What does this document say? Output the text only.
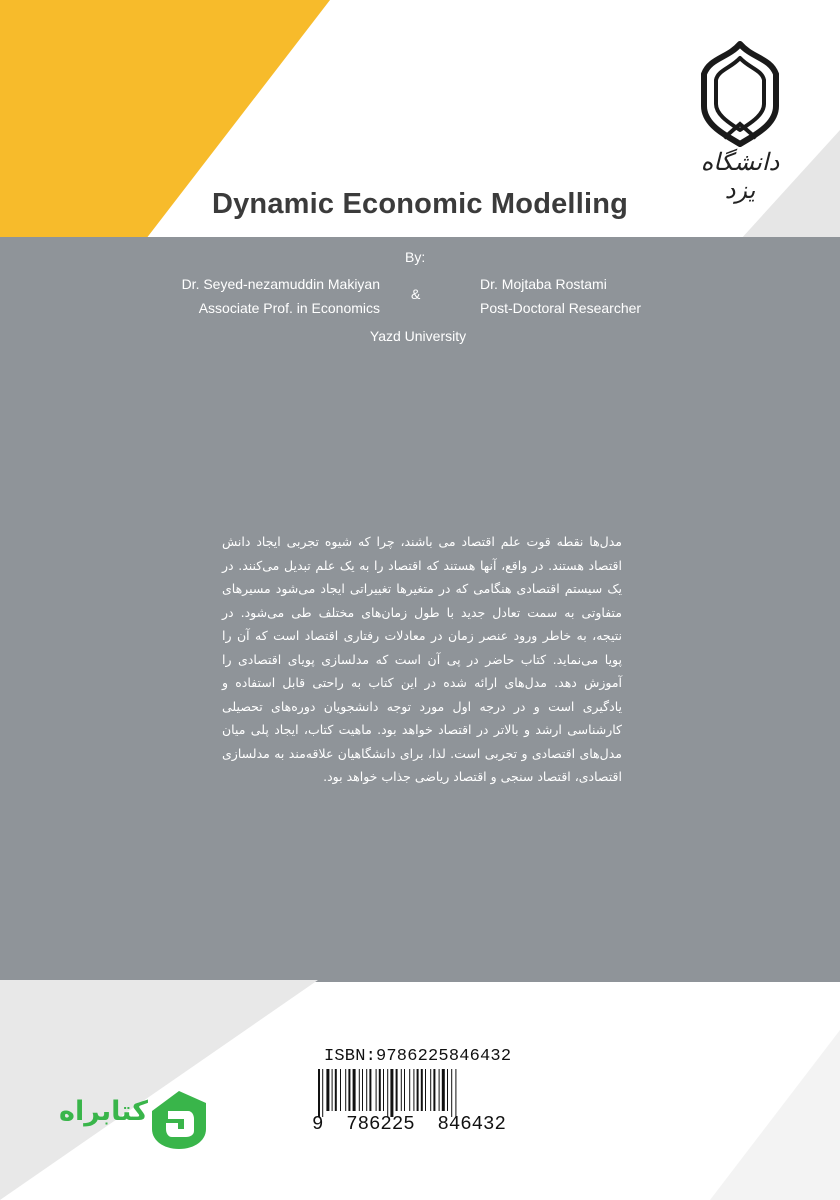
دانشگاه یزد
Dynamic Economic Modelling
By:
Dr. Seyed-nezamuddin Makiyan
Associate Prof. in Economics
&
Dr. Mojtaba Rostami
Post-Doctoral Researcher
Yazd University
مدل‌ها نقطه قوت علم اقتصاد می باشند، چرا که شیوه تجربی ایجاد دانش اقتصاد هستند. در واقع، آنها هستند که اقتصاد را به یک علم تبدیل می‌کنند. در یک سیستم اقتصادی هنگامی که در متغیرها تغییراتی ایجاد می‌شود مسیرهای متفاوتی به سمت تعادل جدید با طول زمان‌های مختلف طی می‌شود. در نتیجه، به خاطر ورود عنصر زمان در معادلات رفتاری اقتصاد است که آن را پویا می‌نماید. کتاب حاضر در پی آن است که مدلسازی پویای اقتصادی را آموزش دهد. مدل‌های ارائه شده در این کتاب به راحتی قابل استفاده و یادگیری است و در درجه اول مورد توجه دانشجویان دوره‌های تحصیلی کارشناسی ارشد و بالاتر در اقتصاد خواهد بود. ماهیت کتاب، ایجاد پلی میان مدل‌های اقتصادی و تجربی است. لذا، برای دانشگاهیان علاقه‌مند به مدلسازی اقتصادی، اقتصاد سنجی و اقتصاد ریاضی جذاب خواهد بود.
ISBN:9786225846432
9 786225 846432
کتابراه
